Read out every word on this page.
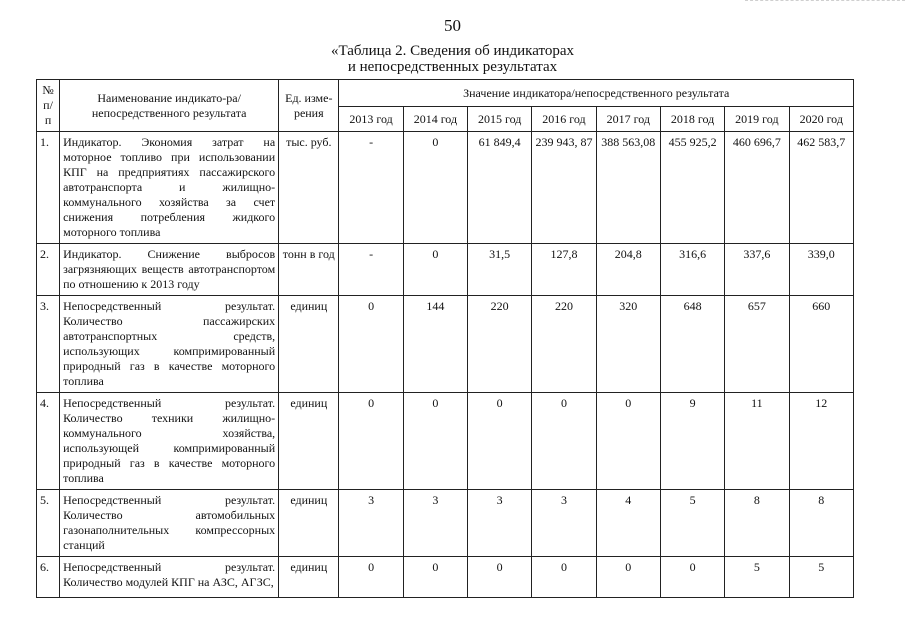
50
«Таблица 2. Сведения об индикаторах
и непосредственных результатах
№ п/п	Наименование индикато-ра/непосредственного результата	Ед. изме-рения	Значение индикатора/непосредственного результата							
			2013 год	2014 год	2015 год	2016 год	2017 год	2018 год	2019 год	2020 год
1.	Индикатор. Экономия затрат на моторное топливо при использовании КПГ на предприятиях пассажирского автотранспорта и жилищно-коммунального хозяйства за счет снижения потребления жидкого моторного топлива	тыс. руб.	-	0	61 849,4	239 943, 87	388 563,08	455 925,2	460 696,7	462 583,7
2.	Индикатор. Снижение выбросов загрязняющих веществ автотранспортом по отношению к 2013 году	тонн в год	-	0	31,5	127,8	204,8	316,6	337,6	339,0
3.	Непосредственный результат. Количество пассажирских автотранспортных средств, использующих компримированный природный газ в качестве моторного топлива	единиц	0	144	220	220	320	648	657	660
4.	Непосредственный результат. Количество техники жилищно-коммунального хозяйства, использующей компримированный природный газ в качестве моторного топлива	единиц	0	0	0	0	0	9	11	12
5.	Непосредственный результат. Количество автомобильных газонаполнительных компрессорных станций	единиц	3	3	3	3	4	5	8	8
6.	Непосредственный результат. Количество модулей КПГ на АЗС, АГЗС,	единиц	0	0	0	0	0	0	5	5
